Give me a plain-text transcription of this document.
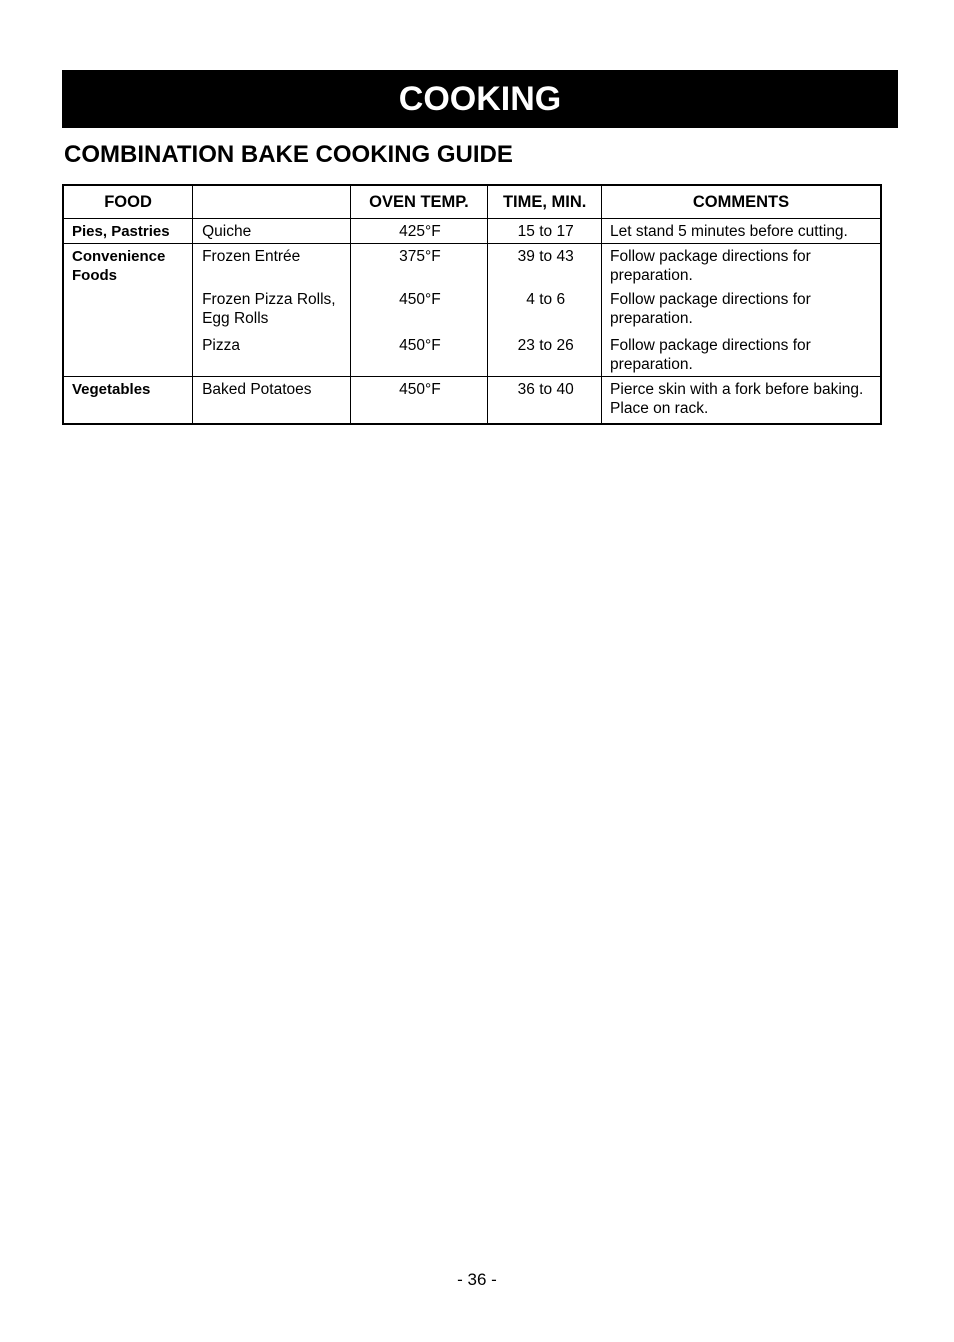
COOKING
COMBINATION BAKE COOKING GUIDE
FOOD		OVEN TEMP.	TIME, MIN.	COMMENTS
Pies, Pastries	Quiche	425°F	15 to 17	Let stand 5 minutes before cutting.
Convenience Foods	Frozen Entrée	375°F	39 to 43	Follow package directions for preparation.
	Frozen Pizza Rolls, Egg Rolls	450°F	4 to 6	Follow package directions for preparation.
	Pizza	450°F	23 to 26	Follow package directions for preparation.
Vegetables	Baked Potatoes	450°F	36 to 40	Pierce skin with a fork before baking. Place on rack.
- 36 -
